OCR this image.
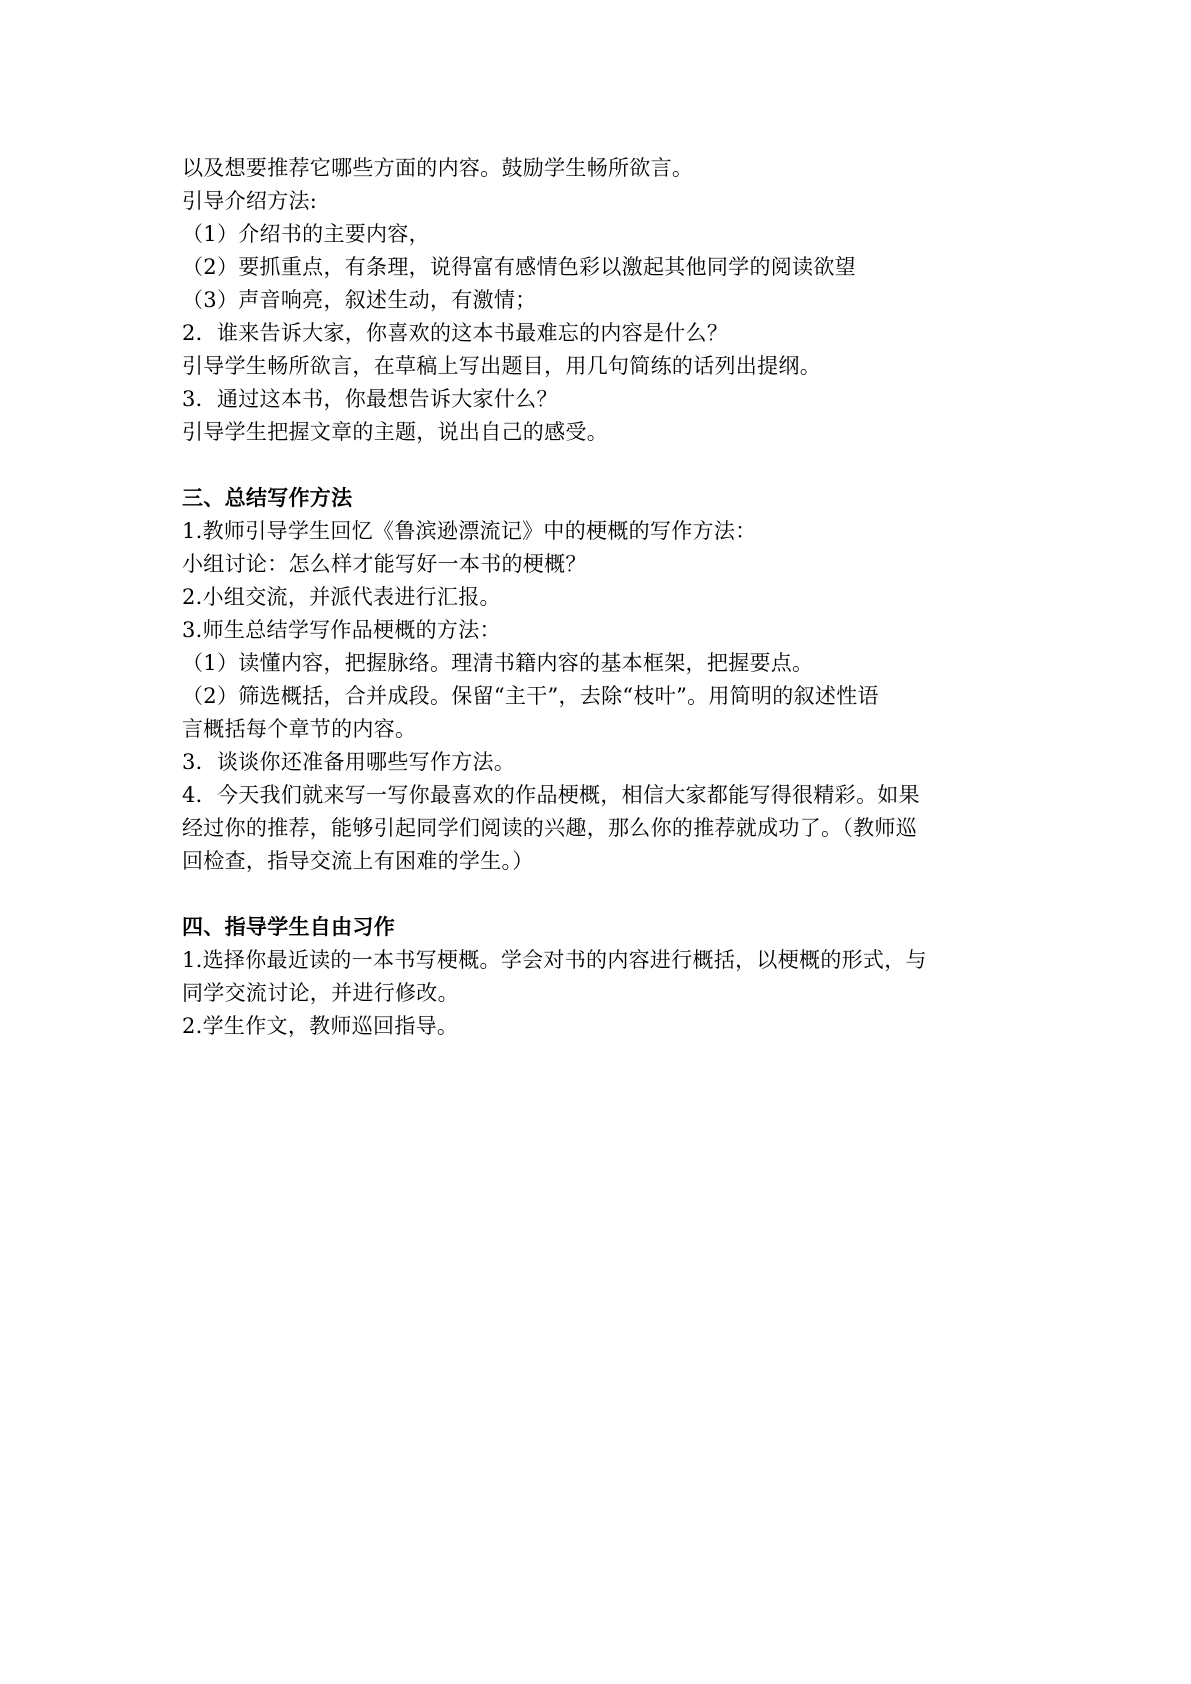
以及想要推荐它哪些方面的内容。鼓励学生畅所欲言。
引导介绍方法:
（1）介绍书的主要内容，
（2）要抓重点，有条理，说得富有感情色彩以激起其他同学的阅读欲望
（3）声音响亮，叙述生动，有激情；
2．谁来告诉大家，你喜欢的这本书最难忘的内容是什么？
引导学生畅所欲言，在草稿上写出题目，用几句简练的话列出提纲。
3．通过这本书，你最想告诉大家什么？
引导学生把握文章的主题，说出自己的感受。
三、总结写作方法
1.教师引导学生回忆《鲁滨逊漂流记》中的梗概的写作方法：
小组讨论：怎么样才能写好一本书的梗概？
2.小组交流，并派代表进行汇报。
3.师生总结学写作品梗概的方法：
（1）读懂内容，把握脉络。理清书籍内容的基本框架，把握要点。
（2）筛选概括，合并成段。保留“主干”，去除“枝叶”。用简明的叙述性语
言概括每个章节的内容。
3．谈谈你还准备用哪些写作方法。
4．今天我们就来写一写你最喜欢的作品梗概，相信大家都能写得很精彩。如果
经过你的推荐，能够引起同学们阅读的兴趣，那么你的推荐就成功了。（教师巡
回检查，指导交流上有困难的学生。）
四、指导学生自由习作
1.选择你最近读的一本书写梗概。学会对书的内容进行概括，以梗概的形式，与
同学交流讨论，并进行修改。
2.学生作文，教师巡回指导。
